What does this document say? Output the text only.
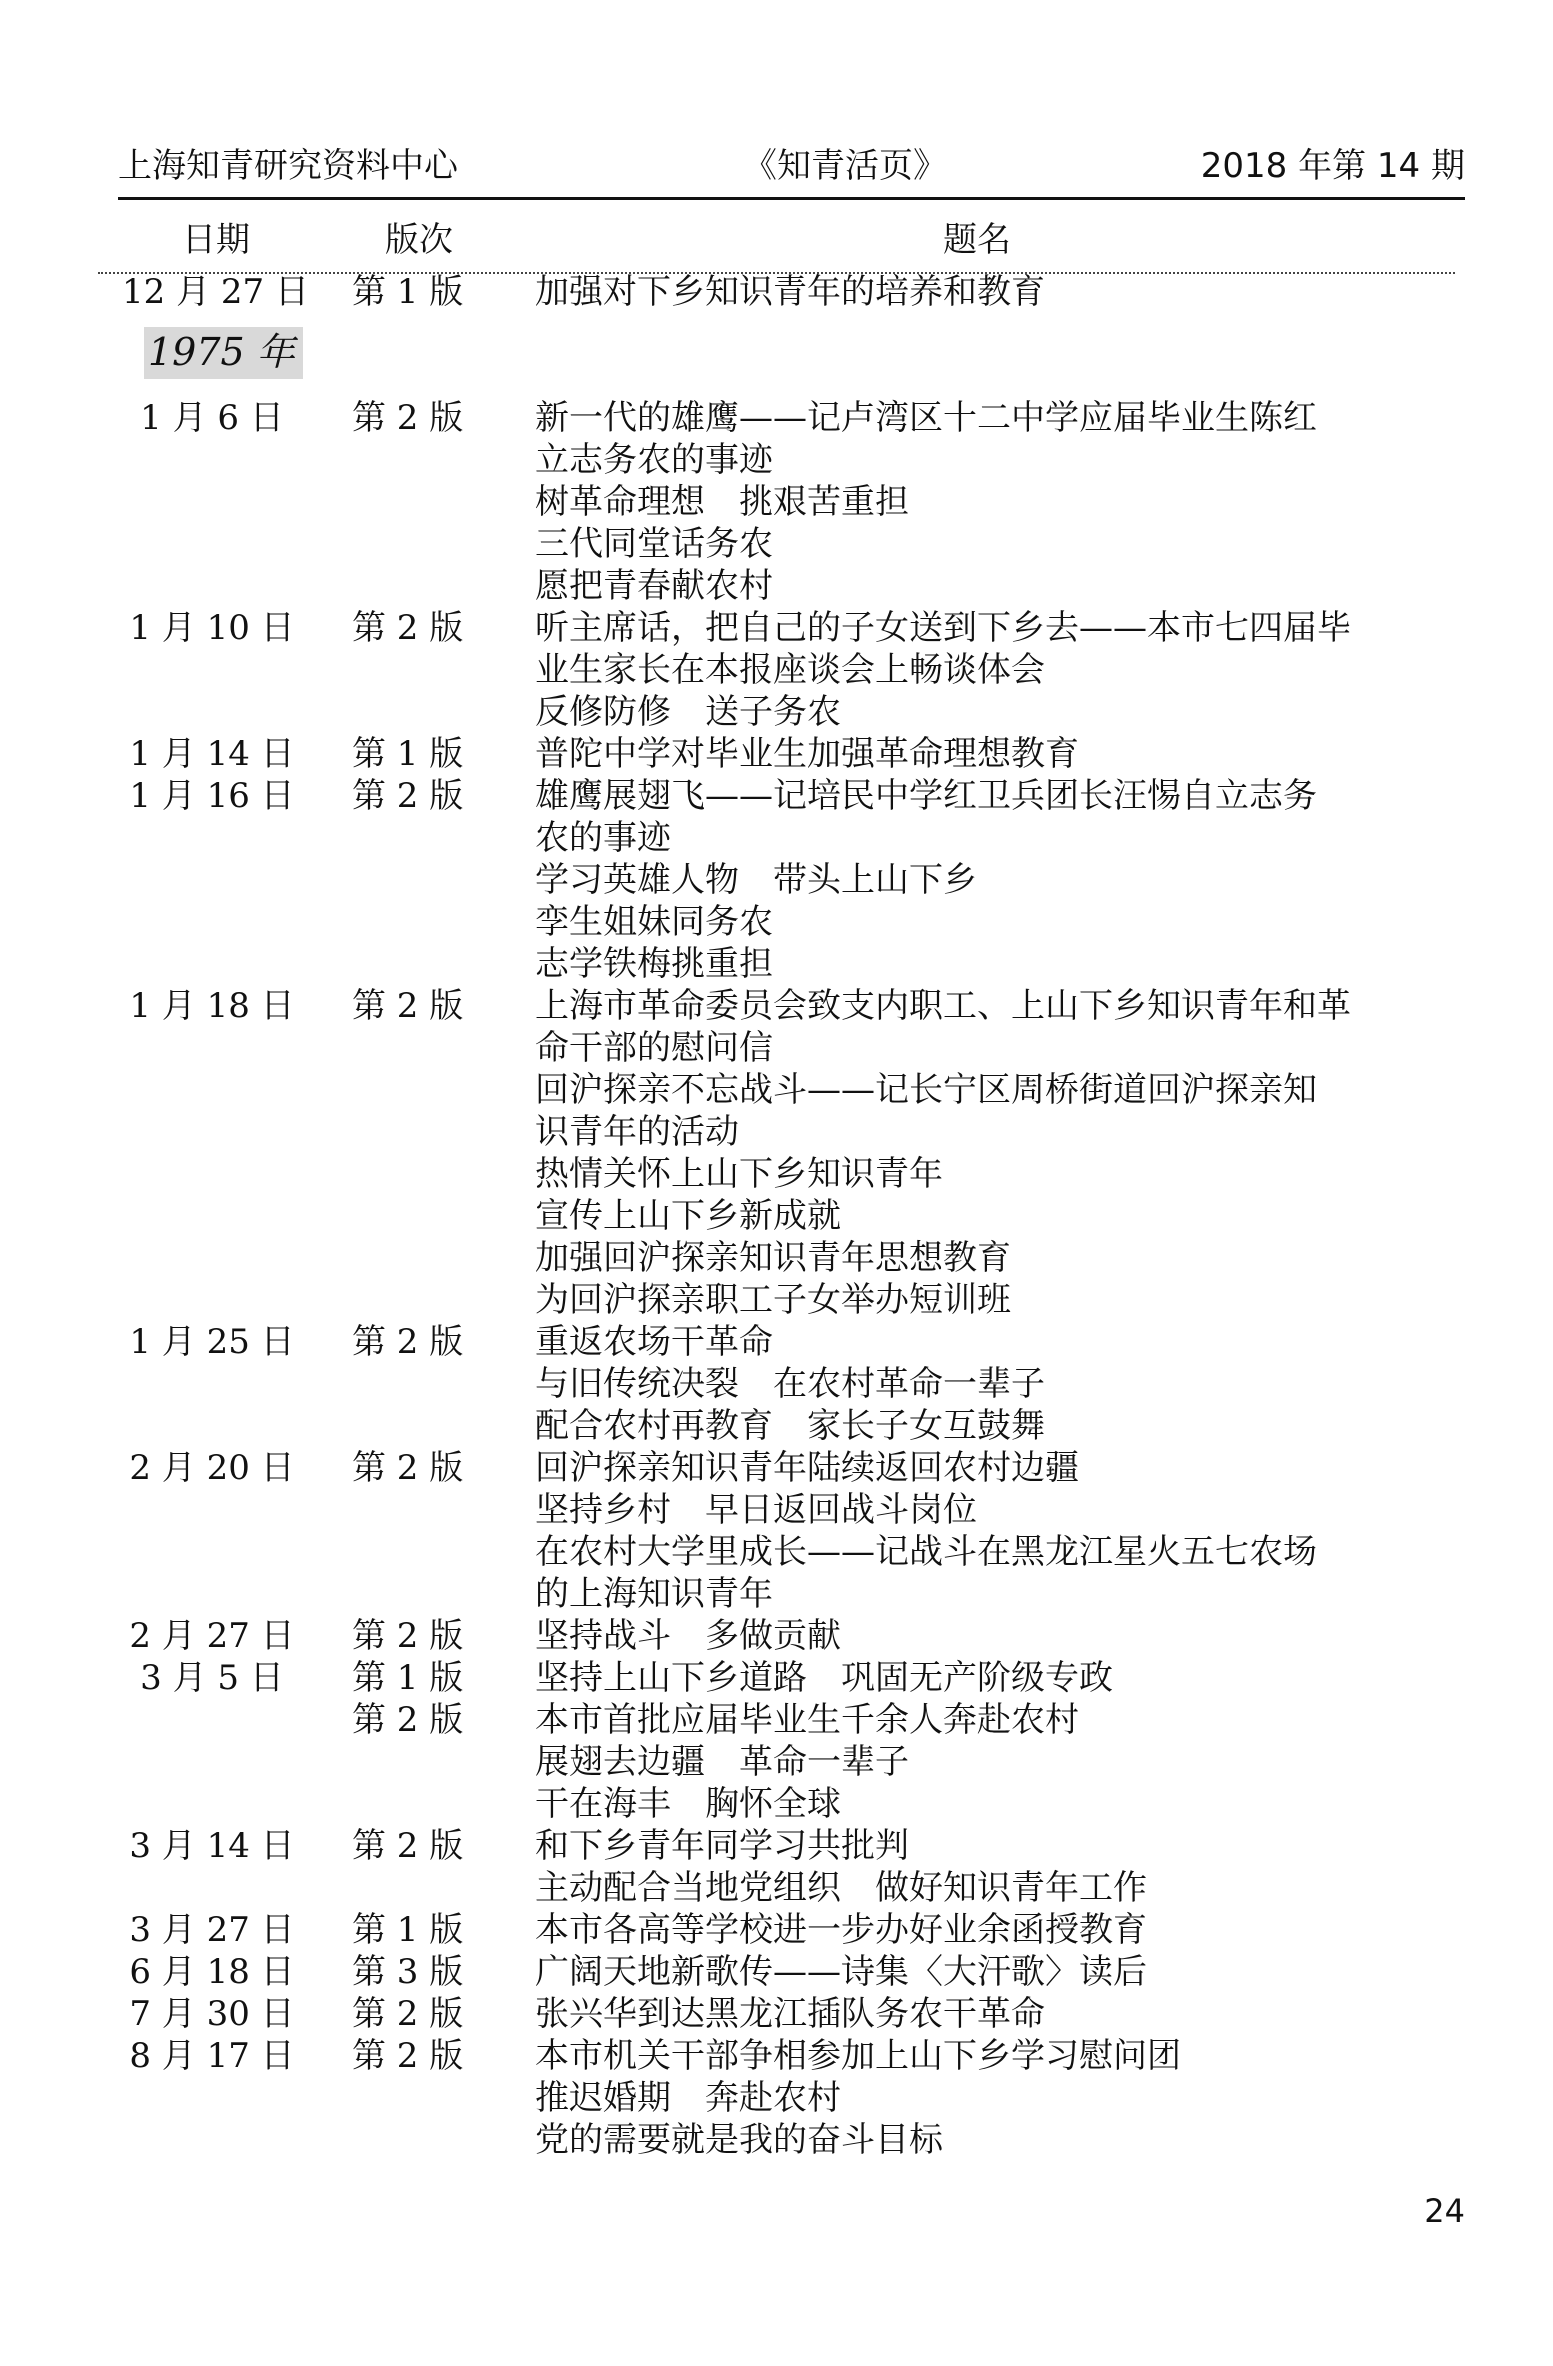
上海知青研究资料中心	《知青活页》	2018 年第 14 期
日期	版次	题名
12 月 27 日 第 1 版 加强对下乡知识青年的培养和教育
1975 年
1 月 6 日	第 2 版 新一代的雄鹰——记卢湾区十二中学应届毕业生陈红
立志务农的事迹
树革命理想　挑艰苦重担
三代同堂话务农
愿把青春献农村
1 月 10 日 第 2 版 听主席话，把自己的子女送到下乡去——本市七四届毕
业生家长在本报座谈会上畅谈体会
反修防修　送子务农
1 月 14 日 第 1 版 普陀中学对毕业生加强革命理想教育
1 月 16 日 第 2 版 雄鹰展翅飞——记培民中学红卫兵团长汪惕自立志务
农的事迹
学习英雄人物　带头上山下乡
孪生姐妹同务农
志学铁梅挑重担
1 月 18 日 第 2 版 上海市革命委员会致支内职工、上山下乡知识青年和革
命干部的慰问信
回沪探亲不忘战斗——记长宁区周桥街道回沪探亲知
识青年的活动
热情关怀上山下乡知识青年
宣传上山下乡新成就
加强回沪探亲知识青年思想教育
为回沪探亲职工子女举办短训班
1 月 25 日 第 2 版 重返农场干革命
与旧传统决裂　在农村革命一辈子
配合农村再教育　家长子女互鼓舞
2 月 20 日 第 2 版 回沪探亲知识青年陆续返回农村边疆
坚持乡村　早日返回战斗岗位
在农村大学里成长——记战斗在黑龙江星火五七农场
的上海知识青年
2 月 27 日 第 2 版 坚持战斗　多做贡献
3 月 5 日	第 1 版 坚持上山下乡道路　巩固无产阶级专政
第 2 版 本市首批应届毕业生千余人奔赴农村
展翅去边疆　革命一辈子
干在海丰　胸怀全球
3 月 14 日 第 2 版 和下乡青年同学习共批判
主动配合当地党组织　做好知识青年工作
3 月 27 日 第 1 版 本市各高等学校进一步办好业余函授教育
6 月 18 日 第 3 版 广阔天地新歌传——诗集〈大汗歌〉读后
7 月 30 日 第 2 版 张兴华到达黑龙江插队务农干革命
8 月 17 日 第 2 版 本市机关干部争相参加上山下乡学习慰问团
推迟婚期　奔赴农村
党的需要就是我的奋斗目标
24
